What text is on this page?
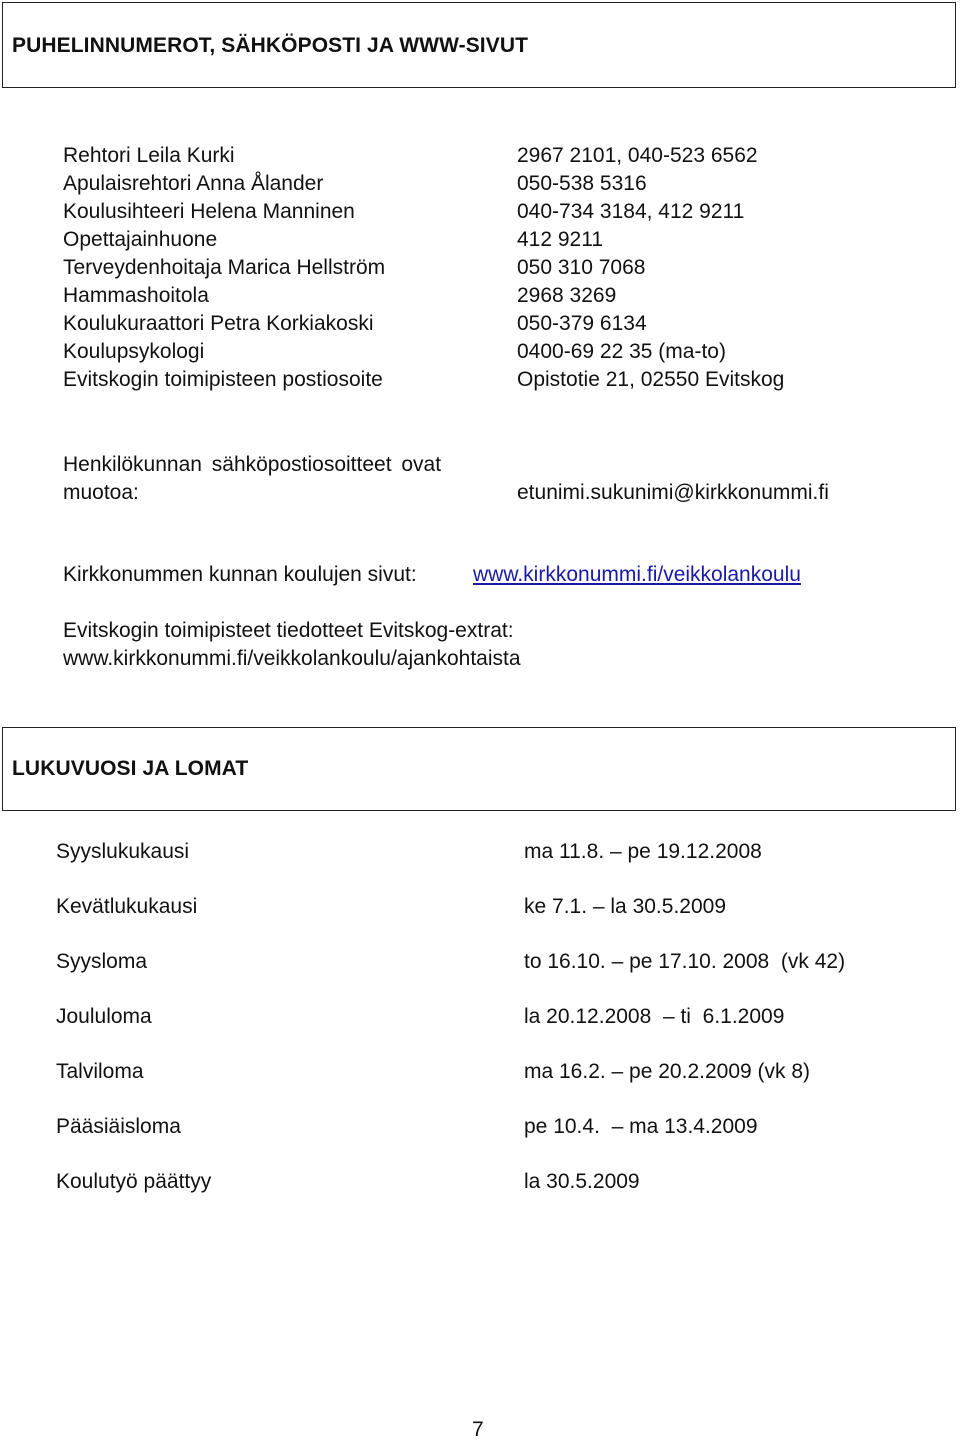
PUHELINNUMEROT, SÄHKÖPOSTI JA WWW-SIVUT
Rehtori Leila Kurki	2967 2101, 040-523 6562
Apulaisrehtori Anna Ålander	050-538 5316
Koulusihteeri Helena Manninen	040-734 3184, 412 9211
Opettajainhuone	412 9211
Terveydenhoitaja Marica Hellström	050 310 7068
Hammashoitola	2968 3269
Koulukuraattori Petra Korkiakoski	050-379 6134
Koulupsykologi	0400-69 22 35 (ma-to)
Evitskogin toimipisteen postiosoite	Opistotie 21, 02550 Evitskog
Henkilökunnan sähköpostiosoitteet ovat
muotoa:	etunimi.sukunimi@kirkkonummi.fi
Kirkkonummen kunnan koulujen sivut:	www.kirkkonummi.fi/veikkolankoulu
Evitskogin toimipisteet tiedotteet Evitskog-extrat:
www.kirkkonummi.fi/veikkolankoulu/ajankohtaista
LUKUVUOSI JA LOMAT
Syyslukukausi	ma 11.8. – pe 19.12.2008
Kevätlukukausi	ke 7.1. – la 30.5.2009
Syysloma	to 16.10. – pe 17.10. 2008  (vk 42)
Joululoma	la 20.12.2008  – ti  6.1.2009
Talviloma	ma 16.2. – pe 20.2.2009 (vk 8)
Pääsiäisloma	pe 10.4.  – ma 13.4.2009
Koulutyö päättyy	la 30.5.2009
7
